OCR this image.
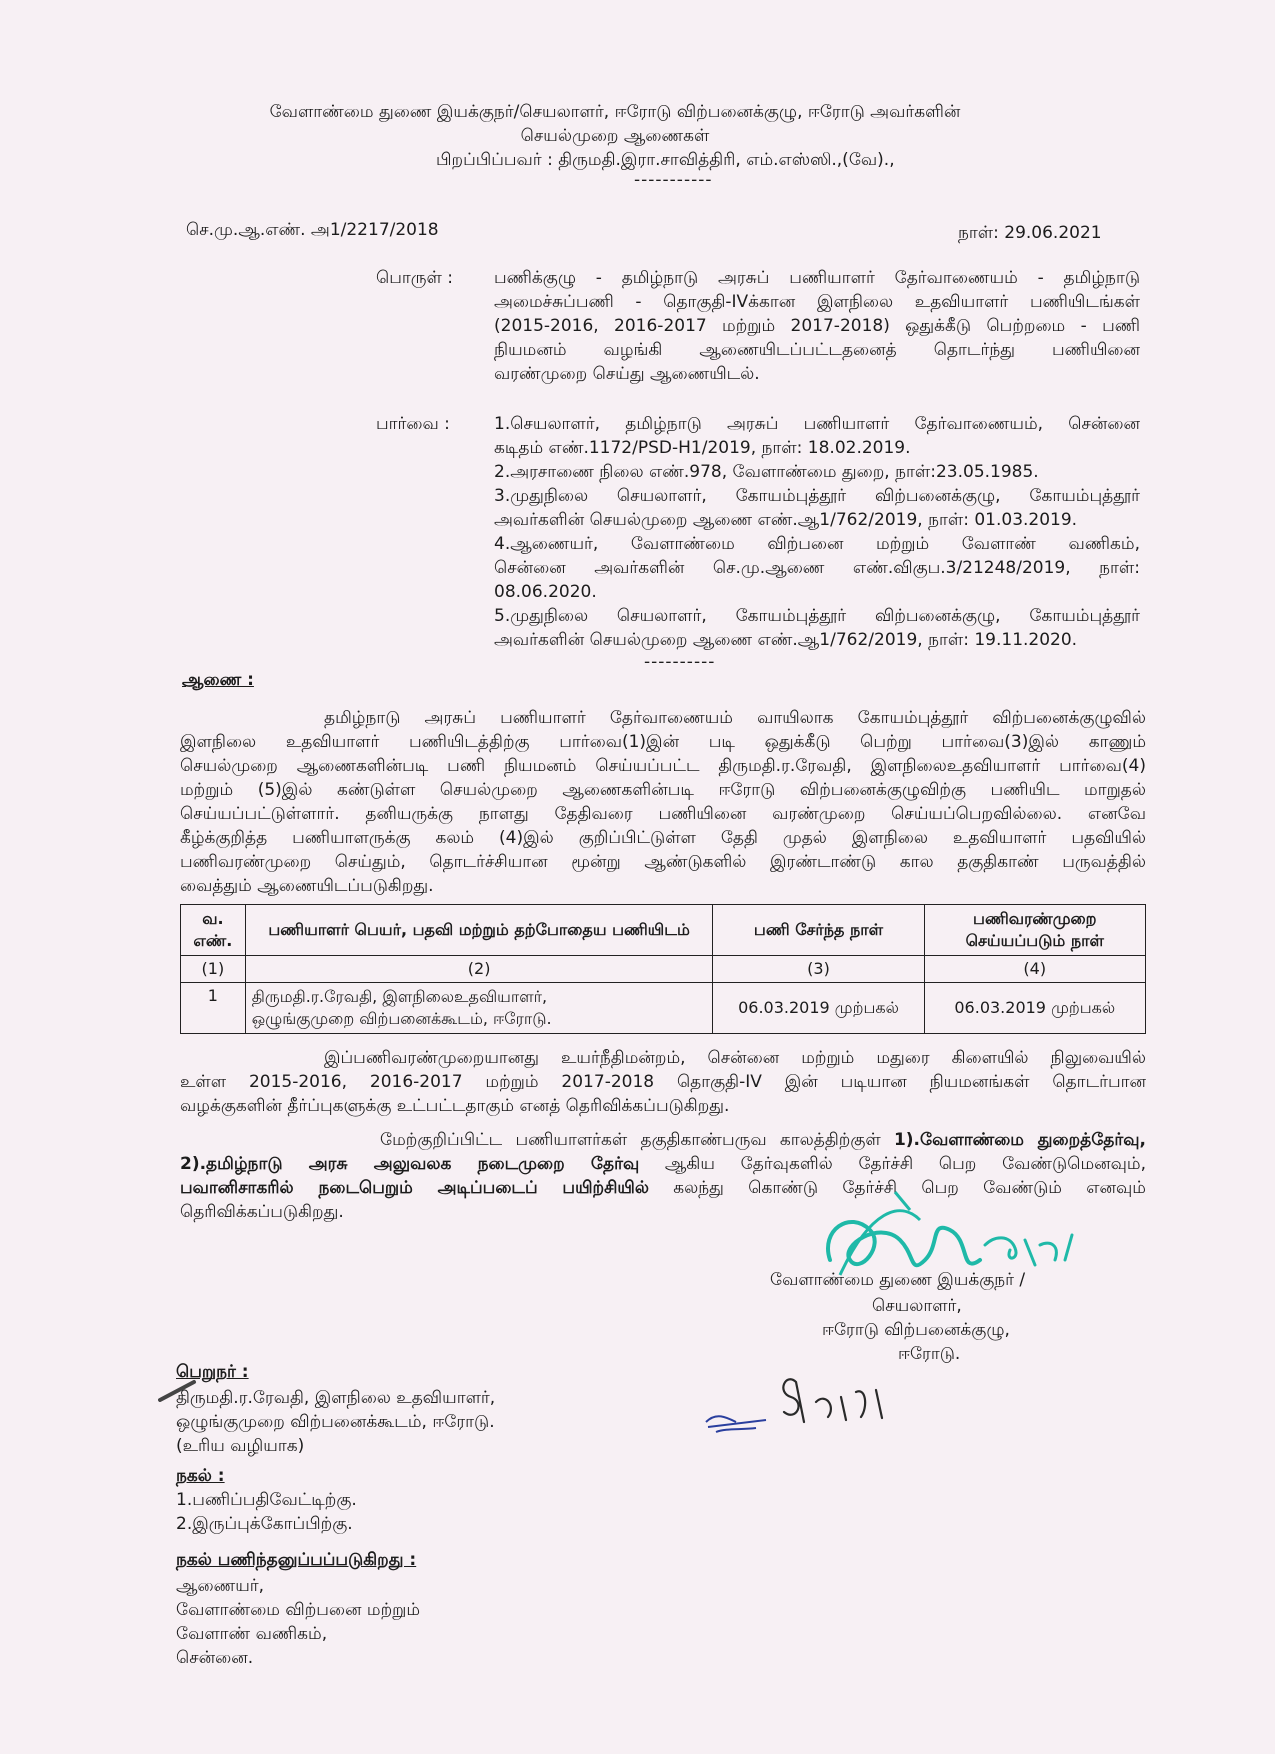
வேளாண்மை துணை இயக்குநர்/செயலாளர், ஈரோடு விற்பனைக்குழு, ஈரோடு அவர்களின்
செயல்முறை ஆணைகள்
பிறப்பிப்பவர் : திருமதி.இரா.சாவித்திரி, எம்.எஸ்ஸி.,(வே).,
-----------
செ.மு.ஆ.எண். அ1/2217/2018	நாள்: 29.06.2021
பொருள் : பணிக்குழு - தமிழ்நாடு அரசுப் பணியாளர் தேர்வாணையம் - தமிழ்நாடு
அமைச்சுப்பணி - தொகுதி-IVக்கான இளநிலை உதவியாளர் பணியிடங்கள்
(2015-2016, 2016-2017 மற்றும் 2017-2018) ஒதுக்கீடு பெற்றமை - பணி
நியமனம் வழங்கி ஆணையிடப்பட்டதனைத் தொடர்ந்து பணியினை
வரண்முறை செய்து ஆணையிடல்.
பார்வை :	1.செயலாளர், தமிழ்நாடு அரசுப் பணியாளர் தேர்வாணையம், சென்னை
கடிதம் எண்.1172/PSD-H1/2019, நாள்: 18.02.2019.
2.அரசாணை நிலை எண்.978, வேளாண்மை துறை, நாள்:23.05.1985.
3.முதுநிலை செயலாளர், கோயம்புத்தூர் விற்பனைக்குழு, கோயம்புத்தூர்
அவர்களின் செயல்முறை ஆணை எண்.ஆ1/762/2019, நாள்: 01.03.2019.
4.ஆணையர், வேளாண்மை விற்பனை மற்றும் வேளாண் வணிகம்,
சென்னை அவர்களின் செ.மு.ஆணை எண்.விகுப.3/21248/2019, நாள்:
08.06.2020.
5.முதுநிலை செயலாளர், கோயம்புத்தூர் விற்பனைக்குழு, கோயம்புத்தூர்
அவர்களின் செயல்முறை ஆணை எண்.ஆ1/762/2019, நாள்: 19.11.2020.
----------
ஆணை :
தமிழ்நாடு அரசுப் பணியாளர் தேர்வாணையம் வாயிலாக கோயம்புத்தூர் விற்பனைக்குழுவில்
இளநிலை உதவியாளர் பணியிடத்திற்கு பார்வை(1)இன் படி ஒதுக்கீடு பெற்று பார்வை(3)இல் காணும்
செயல்முறை ஆணைகளின்படி பணி நியமனம் செய்யப்பட்ட திருமதி.ர.ரேவதி, இளநிலைஉதவியாளர் பார்வை(4)
மற்றும் (5)இல் கண்டுள்ள செயல்முறை ஆணைகளின்படி ஈரோடு விற்பனைக்குழுவிற்கு பணியிட மாறுதல்
செய்யப்பட்டுள்ளார். தனியருக்கு நாளது தேதிவரை பணியினை வரண்முறை செய்யப்பெறவில்லை. எனவே
கீழ்க்குறித்த பணியாளருக்கு கலம் (4)இல் குறிப்பிட்டுள்ள தேதி முதல் இளநிலை உதவியாளர் பதவியில்
பணிவரண்முறை செய்தும், தொடர்ச்சியான மூன்று ஆண்டுகளில் இரண்டாண்டு கால தகுதிகாண் பருவத்தில்
வைத்தும் ஆணையிடப்படுகிறது.
வ. எண்.	பணியாளர் பெயர், பதவி மற்றும் தற்போதைய பணியிடம்	பணி சேர்ந்த நாள்	பணிவரண்முறை செய்யப்படும் நாள்
(1)	(2)	(3)	(4)
1	திருமதி.ர.ரேவதி, இளநிலைஉதவியாளர்,
ஒழுங்குமுறை விற்பனைக்கூடம், ஈரோடு.	06.03.2019 முற்பகல்	06.03.2019 முற்பகல்
இப்பணிவரண்முறையானது உயர்நீதிமன்றம், சென்னை மற்றும் மதுரை கிளையில் நிலுவையில்
உள்ள 2015-2016, 2016-2017 மற்றும் 2017-2018 தொகுதி-IV இன் படியான நியமனங்கள் தொடர்பான
வழக்குகளின் தீர்ப்புகளுக்கு உட்பட்டதாகும் எனத் தெரிவிக்கப்படுகிறது.
மேற்குறிப்பிட்ட பணியாளர்கள் தகுதிகாண்பருவ காலத்திற்குள் 1).வேளாண்மை துறைத்தேர்வு,
2).தமிழ்நாடு அரசு அலுவலக நடைமுறை தேர்வு ஆகிய தேர்வுகளில் தேர்ச்சி பெற வேண்டுமெனவும்,
பவானிசாகரில் நடைபெறும் அடிப்படைப் பயிற்சியில் கலந்து கொண்டு தேர்ச்சி பெற வேண்டும் எனவும்
தெரிவிக்கப்படுகிறது.
வேளாண்மை துணை இயக்குநர் /
செயலாளர்,
ஈரோடு விற்பனைக்குழு,
ஈரோடு.
பெறுநர் :
திருமதி.ர.ரேவதி, இளநிலை உதவியாளர்,
ஒழுங்குமுறை விற்பனைக்கூடம், ஈரோடு.
(உரிய வழியாக)
நகல் :
1.பணிப்பதிவேட்டிற்கு.
2.இருப்புக்கோப்பிற்கு.
நகல் பணிந்தனுப்பப்படுகிறது :
ஆணையர்,
வேளாண்மை விற்பனை மற்றும்
வேளாண் வணிகம்,
சென்னை.
